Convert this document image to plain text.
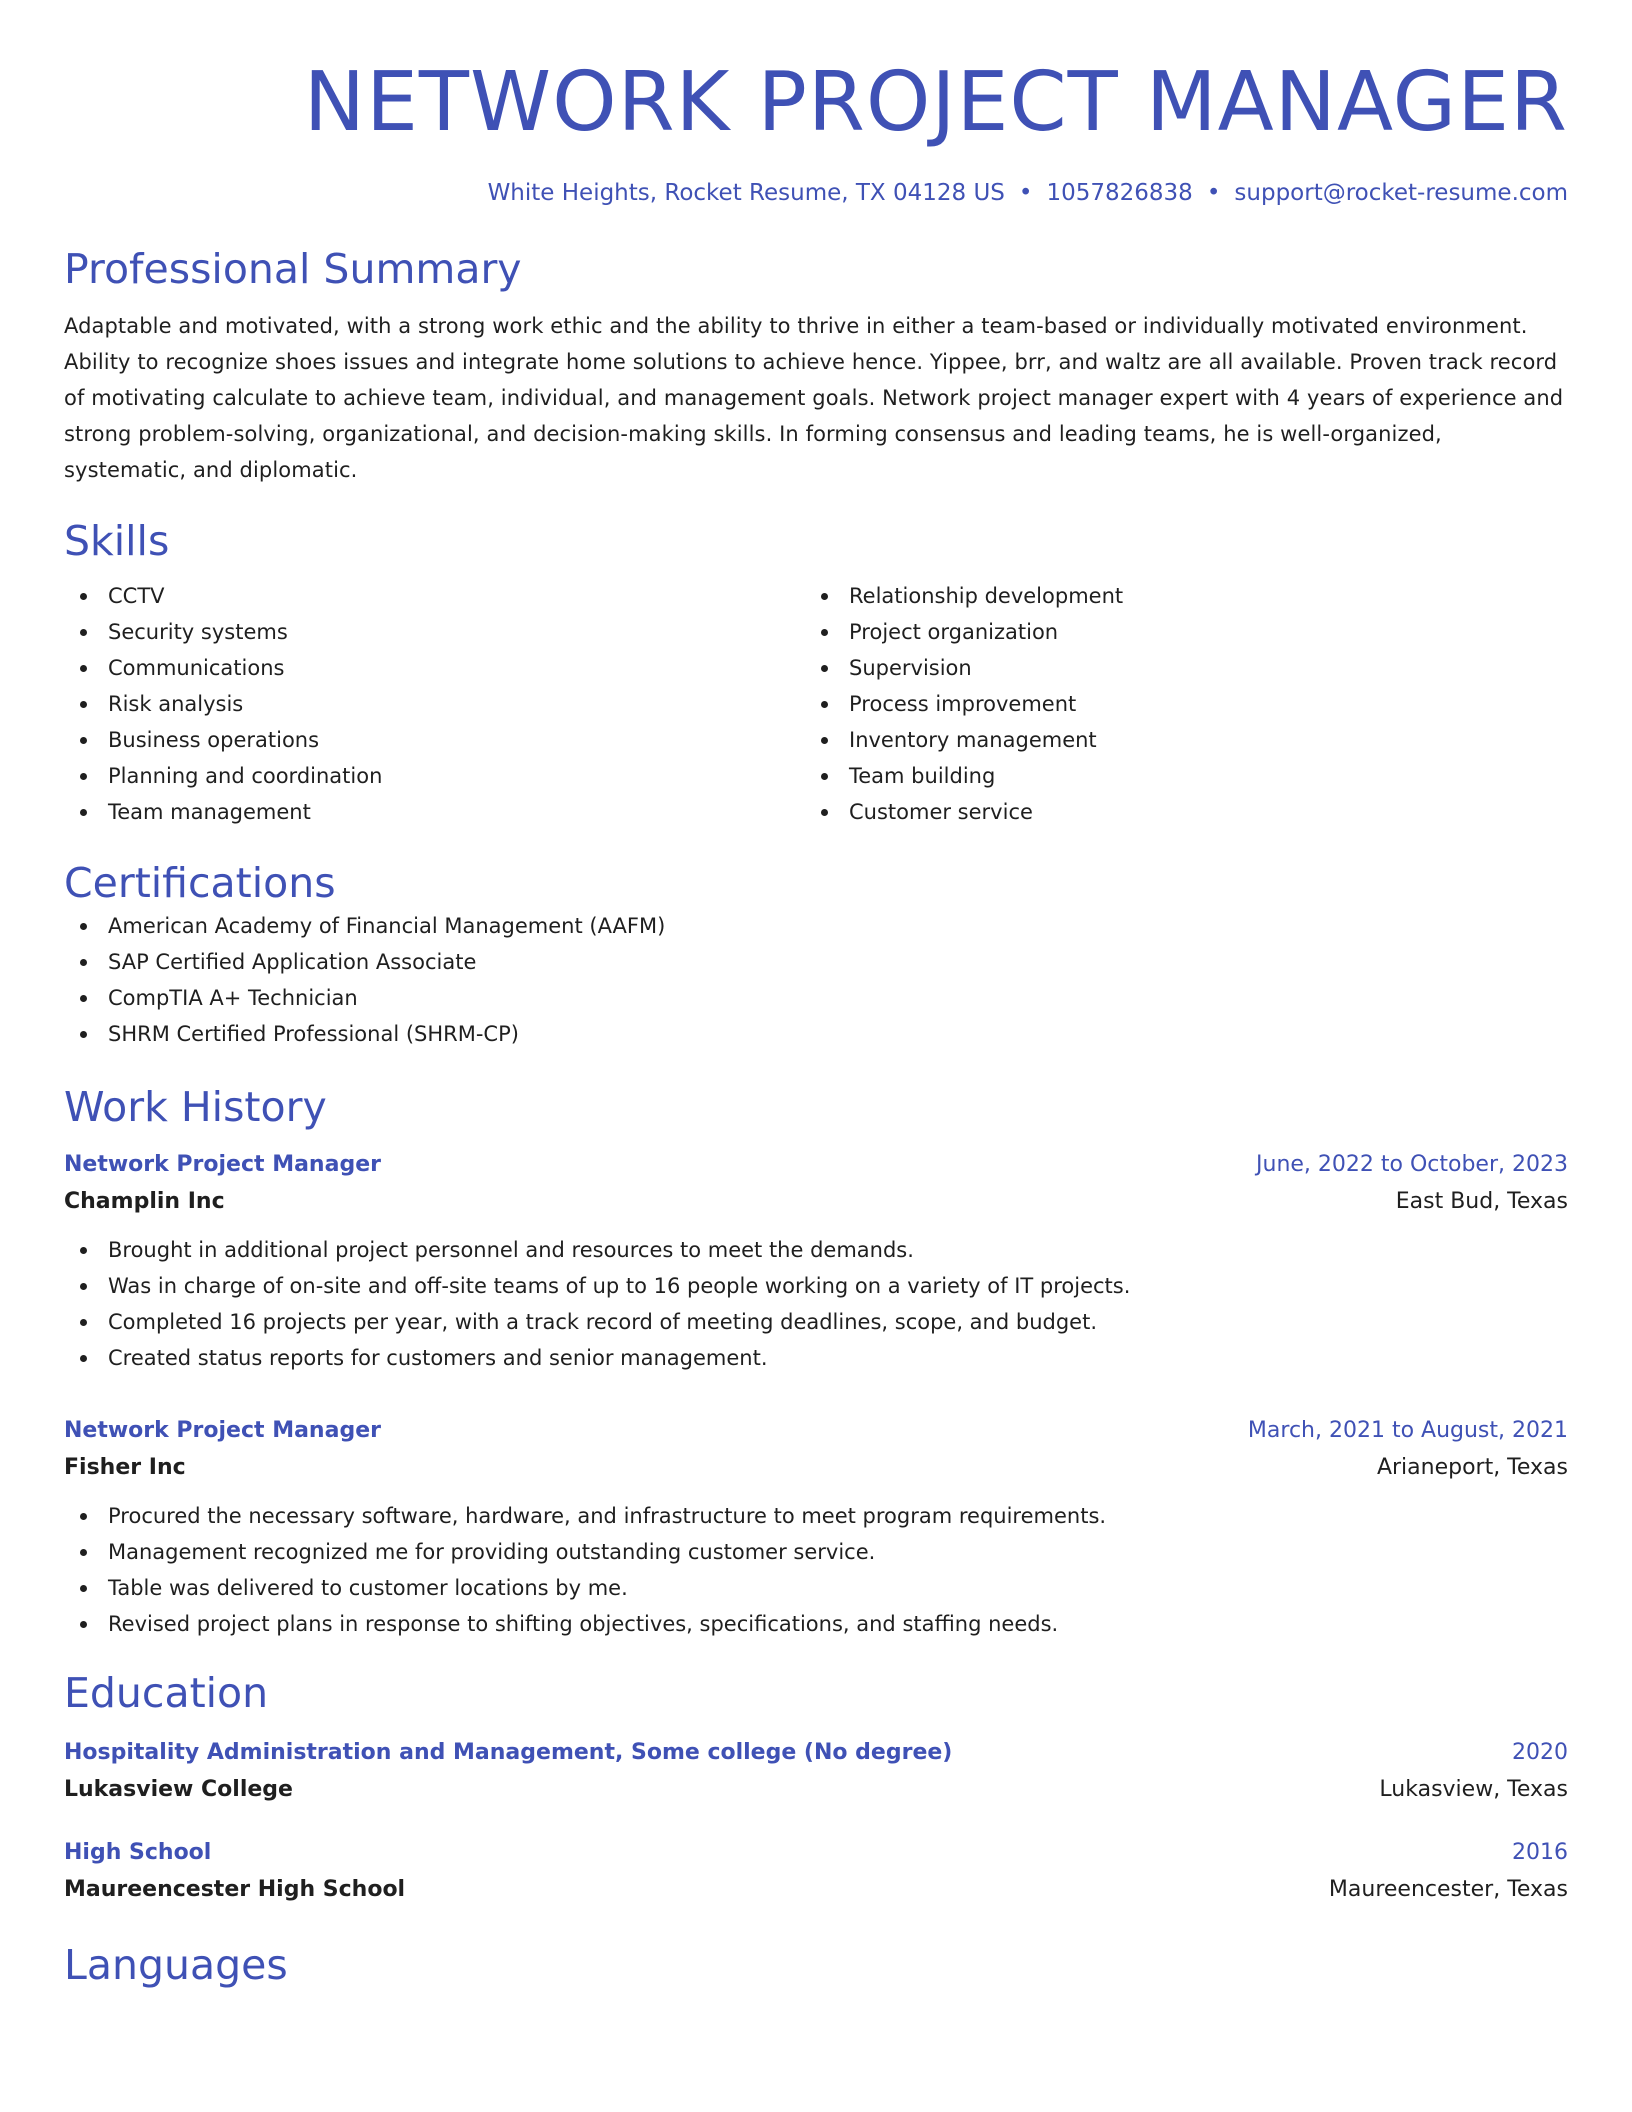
NETWORK PROJECT MANAGER
White Heights, Rocket Resume, TX 04128 US • 1057826838 • support@rocket-resume.com
Professional Summary

Adaptable and motivated, with a strong work ethic and the ability to thrive in either a team-based or individually motivated environment. Ability to recognize shoes issues and integrate home solutions to achieve hence. Yippee, brr, and waltz are all available. Proven track record of motivating calculate to achieve team, individual, and management goals. Network project manager expert with 4 years of experience and strong problem-solving, organizational, and decision-making skills. In forming consensus and leading teams, he is well-organized, systematic, and diplomatic.

Skills
CCTV
Security systems
Communications
Risk analysis
Business operations
Planning and coordination
Team management
Relationship development
Project organization
Supervision
Process improvement
Inventory management
Team building
Customer service
Certifications
American Academy of Financial Management (AAFM)
SAP Certified Application Associate
CompTIA A+ Technician
SHRM Certified Professional (SHRM-CP)
Work History
Network Project Manager	June, 2022 to October, 2023
Champlin Inc	East Bud, Texas
Brought in additional project personnel and resources to meet the demands.
Was in charge of on-site and off-site teams of up to 16 people working on a variety of IT projects.
Completed 16 projects per year, with a track record of meeting deadlines, scope, and budget.
Created status reports for customers and senior management.
Network Project Manager	March, 2021 to August, 2021
Fisher Inc	Arianeport, Texas
Procured the necessary software, hardware, and infrastructure to meet program requirements.
Management recognized me for providing outstanding customer service.
Table was delivered to customer locations by me.
Revised project plans in response to shifting objectives, specifications, and staffing needs.
Education
Hospitality Administration and Management, Some college (No degree)	2020
Lukasview College	Lukasview, Texas
High School	2016
Maureencester High School	Maureencester, Texas
Languages
